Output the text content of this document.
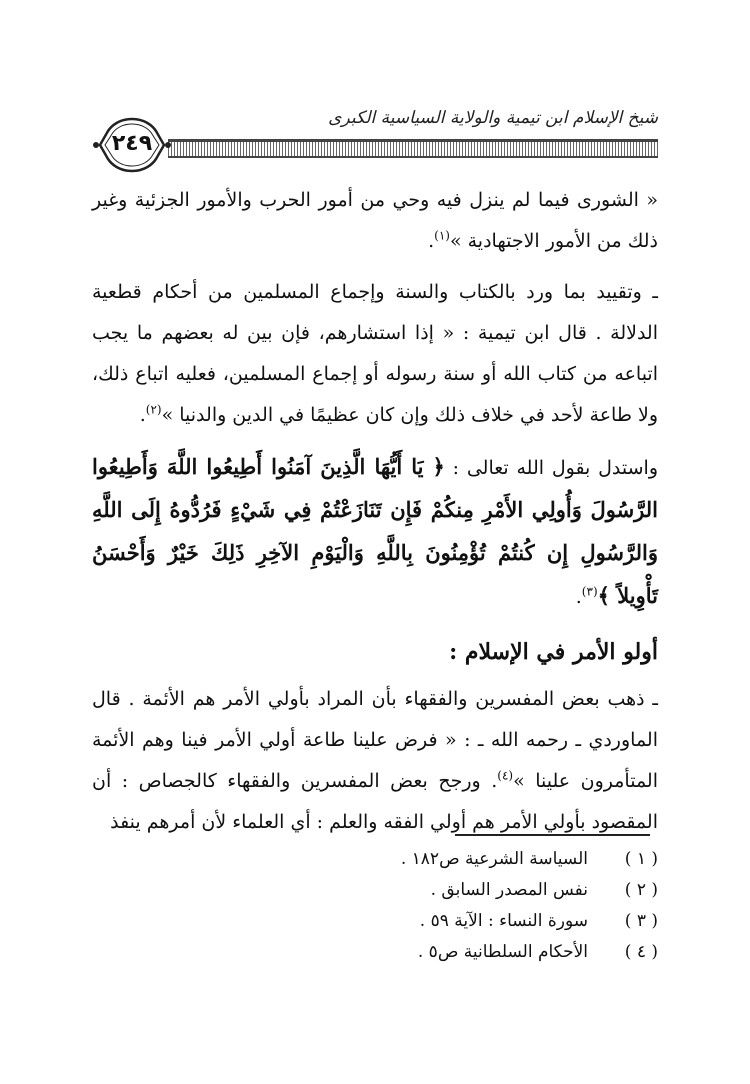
شيخ الإسلام ابن تيمية والولاية السياسية الكبرى
٢٤٩

« الشورى فيما لم ينزل فيه وحي من أمور الحرب والأمور الجزئية وغير ذلك من الأمور الاجتهادية »$^{(١)}$.

ـ وتقييد بما ورد بالكتاب والسنة وإجماع المسلمين من أحكام قطعية الدلالة . قال ابن تيمية : « إذا استشارهم، فإن بين له بعضهم ما يجب اتباعه من كتاب الله أو سنة رسوله أو إجماع المسلمين، فعليه اتباع ذلك، ولا طاعة لأحد في خلاف ذلك وإن كان عظيمًا في الدين والدنيا »$^{(٢)}$.

واستدل بقول الله تعالى : ﴿ يَا أَيُّهَا الَّذِينَ آمَنُوا أَطِيعُوا اللَّهَ وَأَطِيعُوا الرَّسُولَ وَأُولِي الأَمْرِ مِنكُمْ فَإِن تَنَازَعْتُمْ فِي شَيْءٍ فَرُدُّوهُ إِلَى اللَّهِ وَالرَّسُولِ إِن كُنتُمْ تُؤْمِنُونَ بِاللَّهِ وَالْيَوْمِ الآخِرِ ذَلِكَ خَيْرٌ وَأَحْسَنُ تَأْوِيلاً ﴾$^{(٣)}$.

أولو الأمر في الإسلام :

ـ ذهب بعض المفسرين والفقهاء بأن المراد بأولي الأمر هم الأئمة . قال الماوردي ـ رحمه الله ـ : « فرض علينا طاعة أولي الأمر فينا وهم الأئمة المتأمرون علينا »$^{(٤)}$. ورجح بعض المفسرين والفقهاء كالجصاص : أن المقصود بأولي الأمر هم أولي الفقه والعلم : أي العلماء لأن أمرهم ينفذ

( ١ )
السياسة الشرعية ص١٨٢ .
( ٢ )
نفس المصدر السابق .
( ٣ )
سورة النساء : الآية ٥٩ .
( ٤ )
الأحكام السلطانية ص٥ .
